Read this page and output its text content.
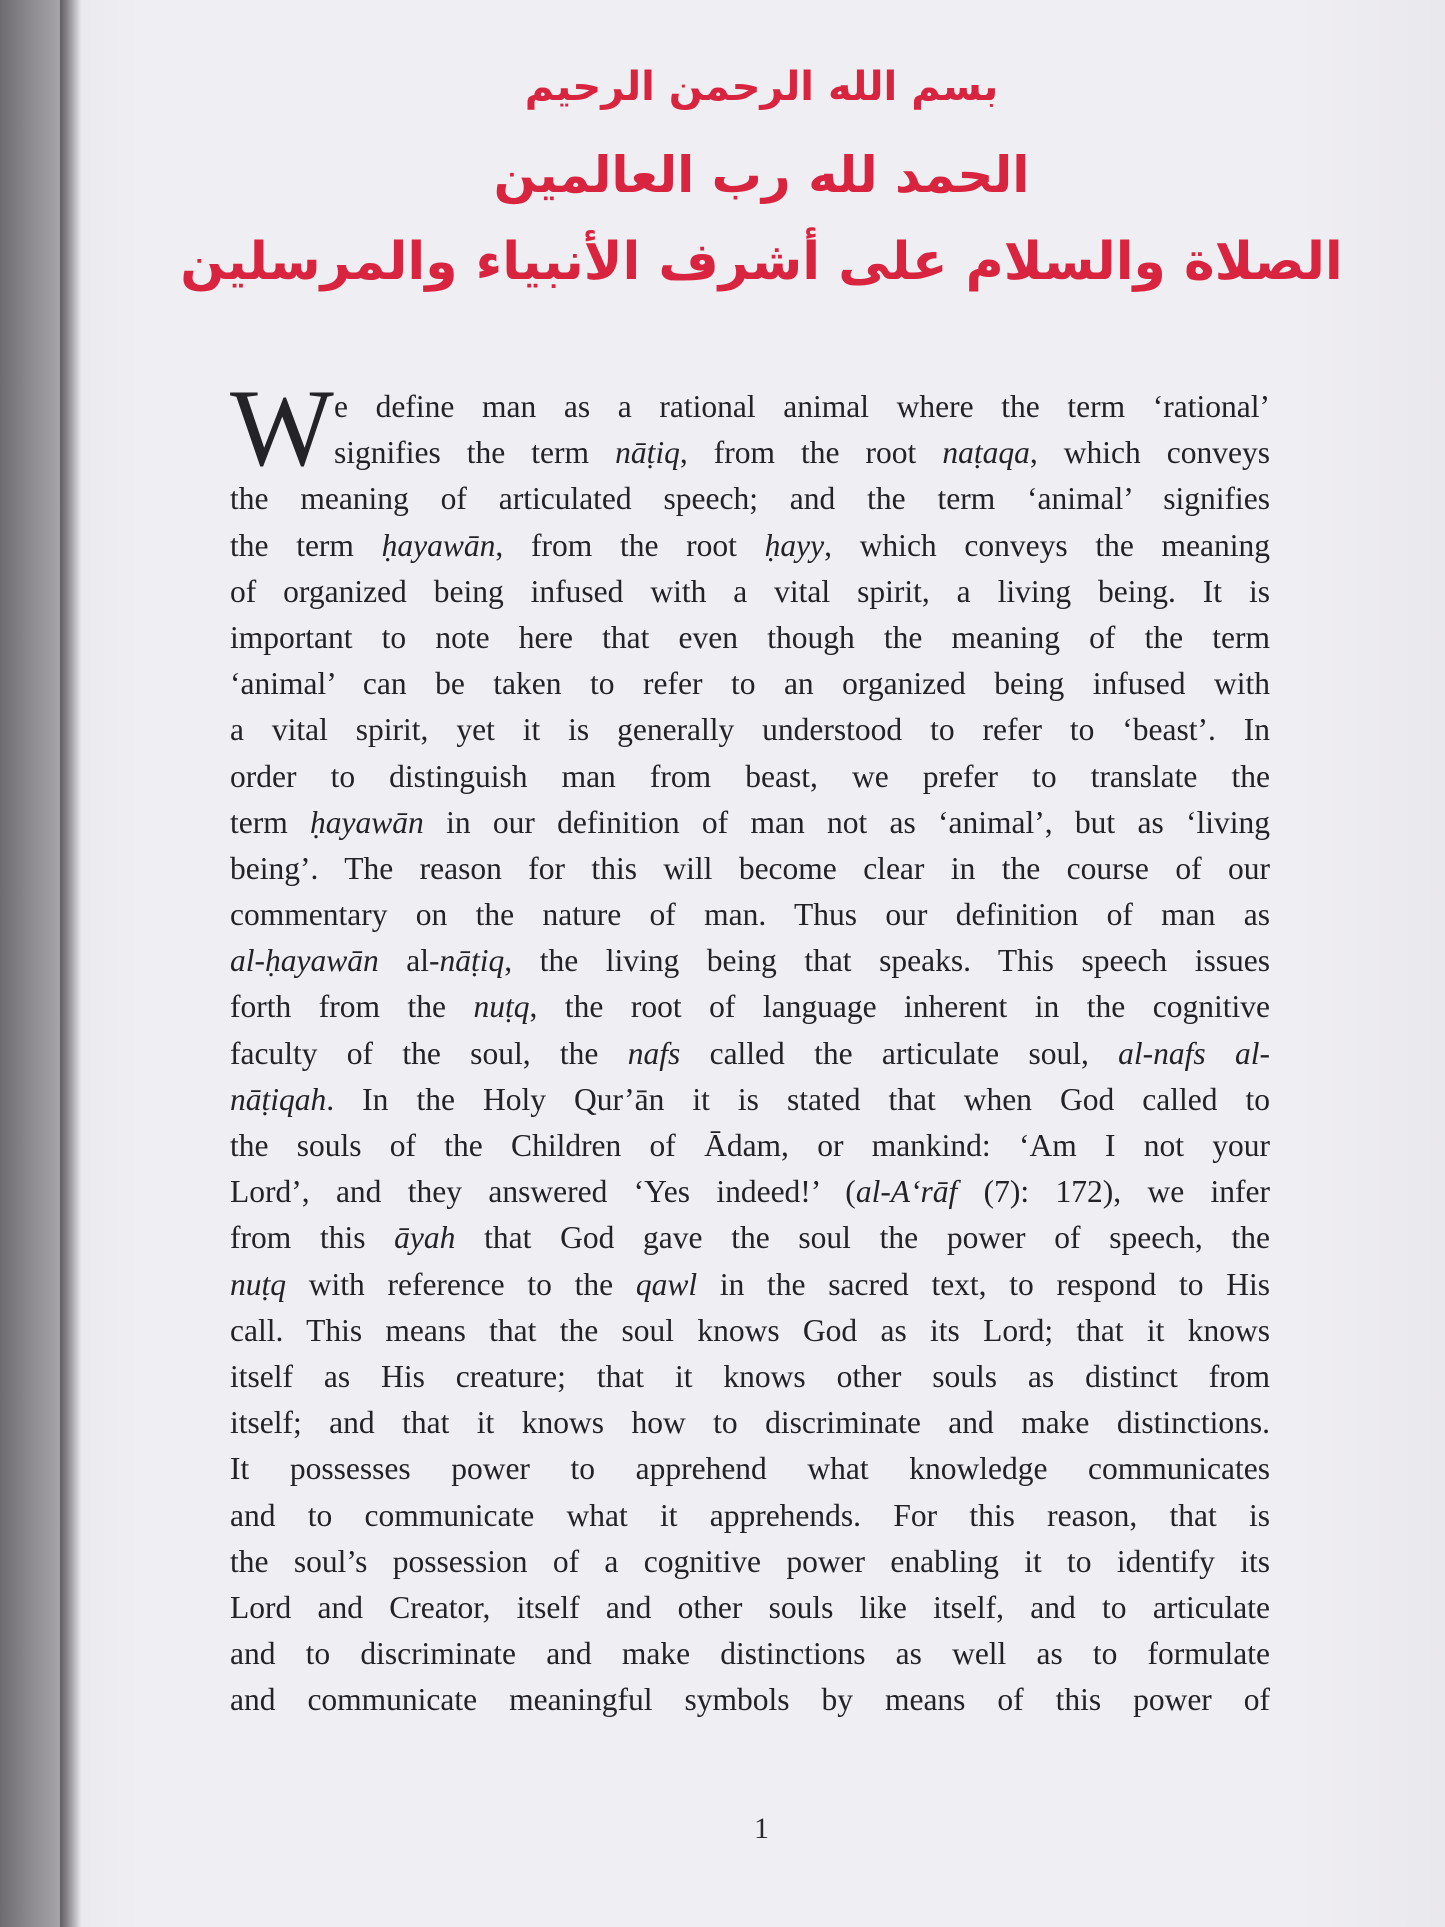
بسم الله الرحمن الرحيم
الحمد لله رب العالمين
الصلاة والسلام على أشرف الأنبياء والمرسلين
W e define man as a rational animal where the term ‘rational’
signifies the term nāṭiq, from the root naṭaqa, which conveys
the meaning of articulated speech; and the term ‘animal’ signifies
the term ḥayawān, from the root ḥayy, which conveys the meaning
of organized being infused with a vital spirit, a living being. It is
important to note here that even though the meaning of the term
‘animal’ can be taken to refer to an organized being infused with
a vital spirit, yet it is generally understood to refer to ‘beast’. In
order to distinguish man from beast, we prefer to translate the
term ḥayawān in our definition of man not as ‘animal’, but as ‘living
being’. The reason for this will become clear in the course of our
commentary on the nature of man. Thus our definition of man as
al-ḥayawān al-nāṭiq, the living being that speaks. This speech issues
forth from the nuṭq, the root of language inherent in the cognitive
faculty of the soul, the nafs called the articulate soul, al-nafs al-
nāṭiqah. In the Holy Qur’ān it is stated that when God called to
the souls of the Children of Ādam, or mankind: ‘Am I not your
Lord’, and they answered ‘Yes indeed!’ (al-A‘rāf (7): 172), we infer
from this āyah that God gave the soul the power of speech, the
nuṭq with reference to the qawl in the sacred text, to respond to His
call. This means that the soul knows God as its Lord; that it knows
itself as His creature; that it knows other souls as distinct from
itself; and that it knows how to discriminate and make distinctions.
It possesses power to apprehend what knowledge communicates
and to communicate what it apprehends. For this reason, that is
the soul’s possession of a cognitive power enabling it to identify its
Lord and Creator, itself and other souls like itself, and to articulate
and to discriminate and make distinctions as well as to formulate
and communicate meaningful symbols by means of this power of
1
